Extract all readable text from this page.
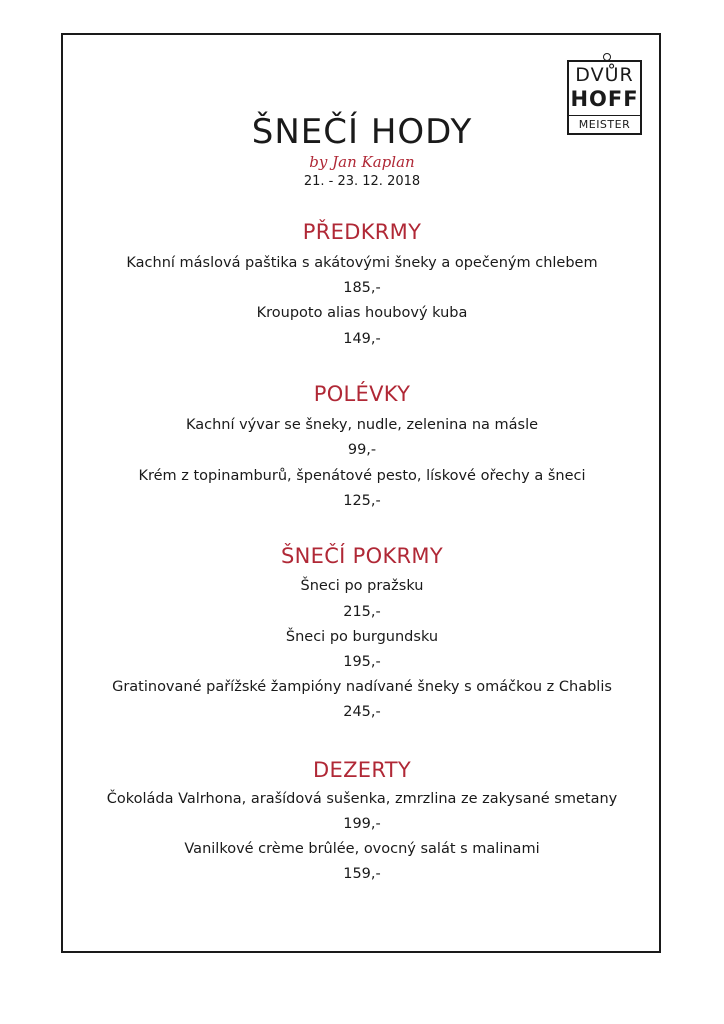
DVŮR
HOFF
MEISTER
ŠNEČÍ HODY
by Jan Kaplan
21. - 23. 12. 2018
PŘEDKRMY
Kachní máslová paštika s akátovými šneky a opečeným chlebem
185,-
Kroupoto alias houbový kuba
149,-
POLÉVKY
Kachní vývar se šneky, nudle, zelenina na másle
99,-
Krém z topinamburů, špenátové pesto, lískové ořechy a šneci
125,-
ŠNEČÍ POKRMY
Šneci po pražsku
215,-
Šneci po burgundsku
195,-
Gratinované pařížské žampióny nadívané šneky s omáčkou z Chablis
245,-
DEZERTY
Čokoláda Valrhona, arašídová sušenka, zmrzlina ze zakysané smetany
199,-
Vanilkové crème brûlée, ovocný salát s malinami
159,-
